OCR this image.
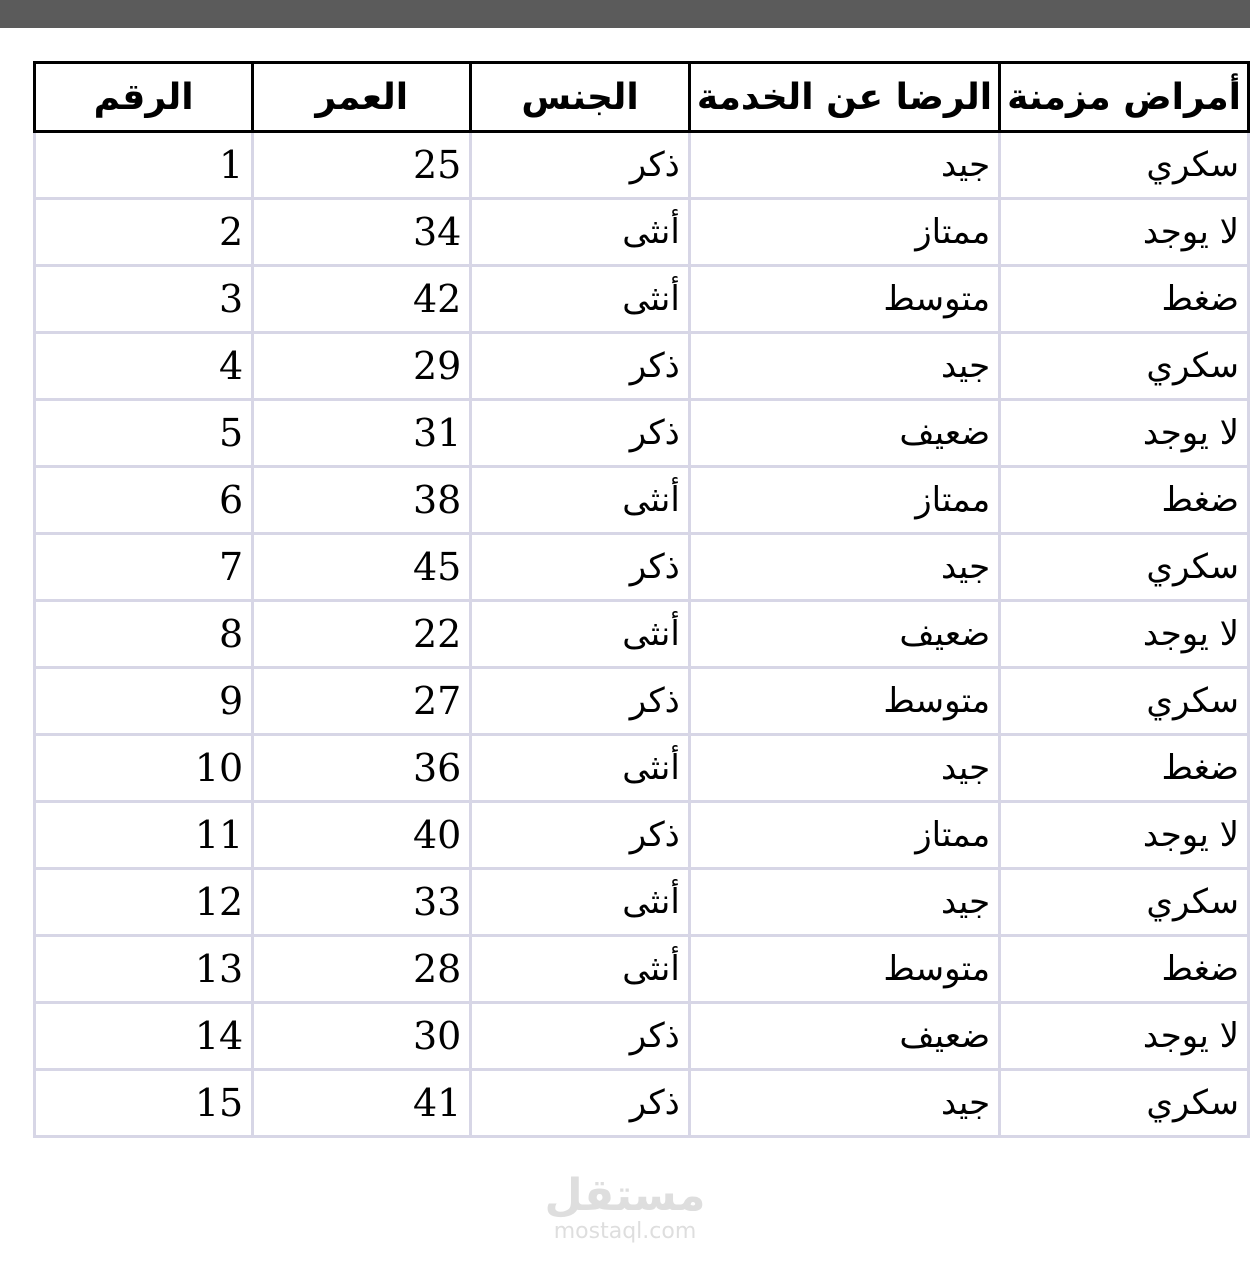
الرقم	العمر	الجنس	الرضا عن الخدمة	أمراض مزمنة
1	25	ذكر	جيد	سكري
2	34	أنثى	ممتاز	لا يوجد
3	42	أنثى	متوسط	ضغط
4	29	ذكر	جيد	سكري
5	31	ذكر	ضعيف	لا يوجد
6	38	أنثى	ممتاز	ضغط
7	45	ذكر	جيد	سكري
8	22	أنثى	ضعيف	لا يوجد
9	27	ذكر	متوسط	سكري
10	36	أنثى	جيد	ضغط
11	40	ذكر	ممتاز	لا يوجد
12	33	أنثى	جيد	سكري
13	28	أنثى	متوسط	ضغط
14	30	ذكر	ضعيف	لا يوجد
15	41	ذكر	جيد	سكري
مستقل
mostaql.com
